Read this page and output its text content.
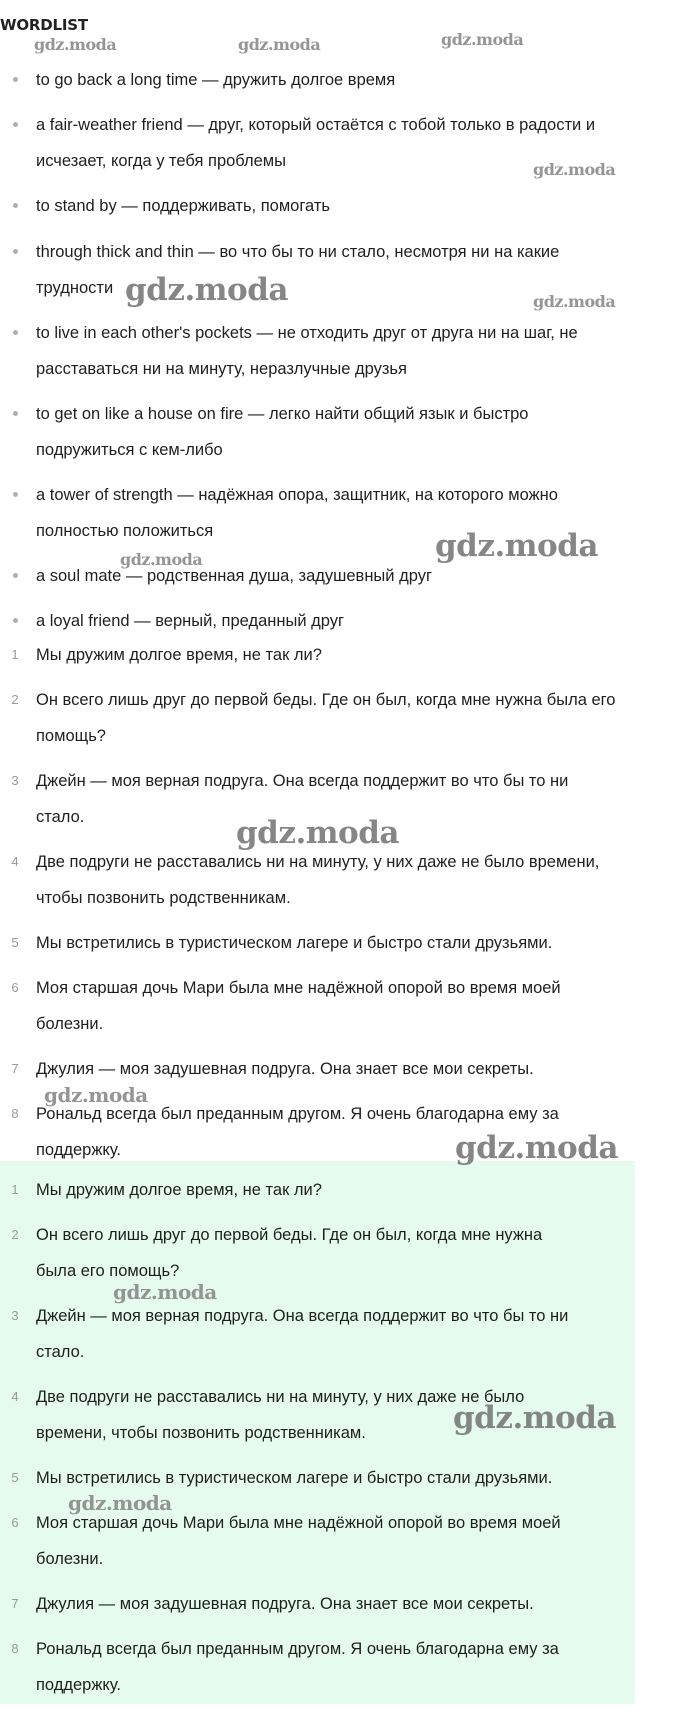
WORDLIST
to go back a long time — дружить долгое время
a fair-weather friend — друг, который остаётся с тобой только в радости и
исчезает, когда у тебя проблемы
to stand by — поддерживать, помогать
through thick and thin — во что бы то ни стало, несмотря ни на какие
трудности
to live in each other's pockets — не отходить друг от друга ни на шаг, не
расставаться ни на минуту, неразлучные друзья
to get on like a house on fire — легко найти общий язык и быстро
подружиться с кем-либо
a tower of strength — надёжная опора, защитник, на которого можно
полностью положиться
a soul mate — родственная душа, задушевный друг
a loyal friend — верный, преданный друг
1	Мы дружим долгое время, не так ли?
2	Он всего лишь друг до первой беды. Где он был, когда мне нужна была его
помощь?
3	Джейн — моя верная подруга. Она всегда поддержит во что бы то ни
стало.
4	Две подруги не расставались ни на минуту, у них даже не было времени,
чтобы позвонить родственникам.
5	Мы встретились в туристическом лагере и быстро стали друзьями.
6	Моя старшая дочь Мари была мне надёжной опорой во время моей
болезни.
7	Джулия — моя задушевная подруга. Она знает все мои секреты.
8	Рональд всегда был преданным другом. Я очень благодарна ему за
поддержку.
1	Мы дружим долгое время, не так ли?
2	Он всего лишь друг до первой беды. Где он был, когда мне нужна
была его помощь?
3	Джейн — моя верная подруга. Она всегда поддержит во что бы то ни
стало.
4	Две подруги не расставались ни на минуту, у них даже не было
времени, чтобы позвонить родственникам.
5	Мы встретились в туристическом лагере и быстро стали друзьями.
6	Моя старшая дочь Мари была мне надёжной опорой во время моей
болезни.
7	Джулия — моя задушевная подруга. Она знает все мои секреты.
8	Рональд всегда был преданным другом. Я очень благодарна ему за
поддержку.
gdz.moda	gdz.moda	gdz.moda
gdz.moda
gdz.moda	gdz.moda
gdz.moda	gdz.moda
gdz.moda
gdz.moda
gdz.moda
gdz.moda
gdz.moda
gdz.moda
